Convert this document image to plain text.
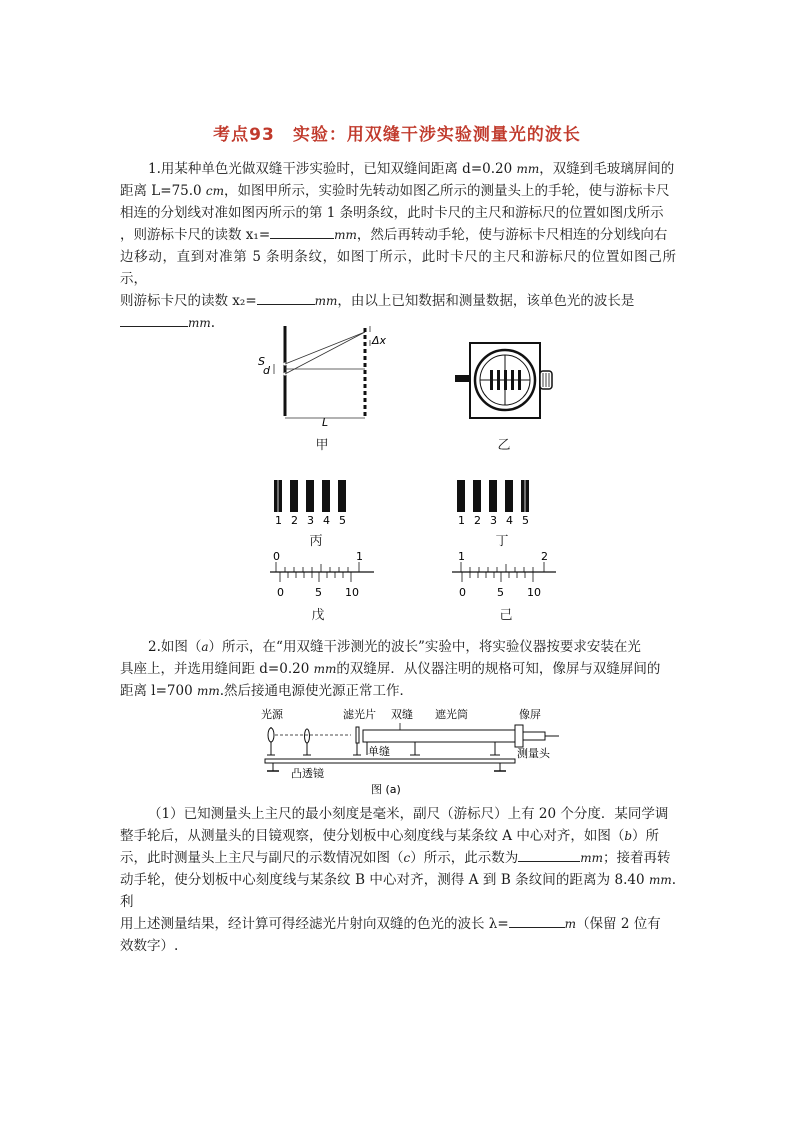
考点93　实验：用双缝干涉实验测量光的波长
1.用某种单色光做双缝干涉实验时，已知双缝间距离 d=0.20 mm，双缝到毛玻璃屏间的
距离 L=75.0 cm，如图甲所示，实验时先转动如图乙所示的测量头上的手轮，使与游标卡尺
相连的分划线对准如图丙所示的第 1 条明条纹，此时卡尺的主尺和游标尺的位置如图戊所示
，则游标卡尺的读数 x₁=	mm，然后再转动手轮，使与游标卡尺相连的分划线向右
边移动，直到对准第 5 条明条纹，如图丁所示，此时卡尺的主尺和游标尺的位置如图己所示，
则游标卡尺的读数 x₂=	mm，由以上已知数据和测量数据，该单色光的波长是
mm.
S
d
Δx
L
甲	乙
1 2 3 4 5
丙
1 2 3 4 5
丁
0	1
0	5 10
戊
1	2
0	5 10
己
2.如图（a）所示，在“用双缝干涉测光的波长”实验中，将实验仪器按要求安装在光
具座上，并选用缝间距 d=0.20 mm的双缝屏．从仪器注明的规格可知，像屏与双缝屏间的
距离 l=700 mm.然后接通电源使光源正常工作．
光源	滤光片 双缝 遮光筒	像屏
单缝
凸透镜
测量头
图 (a)
（1）已知测量头上主尺的最小刻度是毫米，副尺（游标尺）上有 20 个分度．某同学调
整手轮后，从测量头的目镜观察，使分划板中心刻度线与某条纹 A 中心对齐，如图（b）所
示，此时测量头上主尺与副尺的示数情况如图（c）所示，此示数为	mm；接着再转
动手轮，使分划板中心刻度线与某条纹 B 中心对齐，测得 A 到 B 条纹间的距离为 8.40 mm.利
用上述测量结果，经计算可得经滤光片射向双缝的色光的波长 λ=	m（保留 2 位有
效数字）.
